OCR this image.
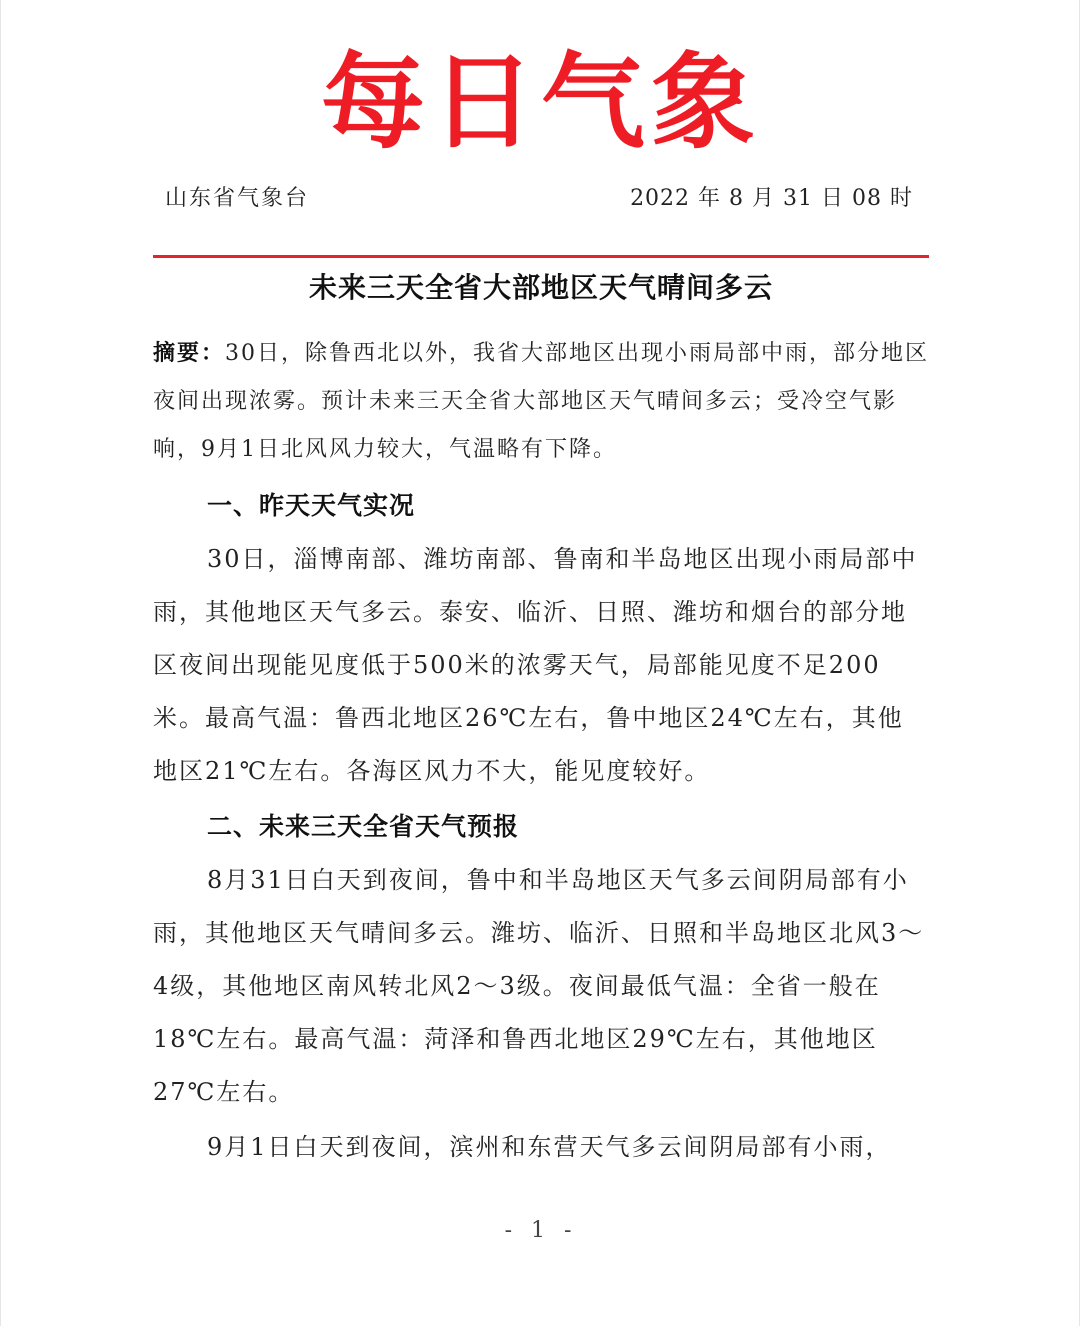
每日气象
山东省气象台	2022 年 8 月 31 日 08 时
未来三天全省大部地区天气晴间多云
摘要：30日，除鲁西北以外，我省大部地区出现小雨局部中雨，部分地区夜间出现浓雾。预计未来三天全省大部地区天气晴间多云；受冷空气影响，9月1日北风风力较大，气温略有下降。
一、昨天天气实况
30日，淄博南部、潍坊南部、鲁南和半岛地区出现小雨局部中雨，其他地区天气多云。泰安、临沂、日照、潍坊和烟台的部分地区夜间出现能见度低于500米的浓雾天气，局部能见度不足200米。最高气温：鲁西北地区26℃左右，鲁中地区24℃左右，其他地区21℃左右。各海区风力不大，能见度较好。
二、未来三天全省天气预报
8月31日白天到夜间，鲁中和半岛地区天气多云间阴局部有小雨，其他地区天气晴间多云。潍坊、临沂、日照和半岛地区北风3～4级，其他地区南风转北风2～3级。夜间最低气温：全省一般在18℃左右。最高气温：菏泽和鲁西北地区29℃左右，其他地区27℃左右。
9月1日白天到夜间，滨州和东营天气多云间阴局部有小雨，
- 1 -
